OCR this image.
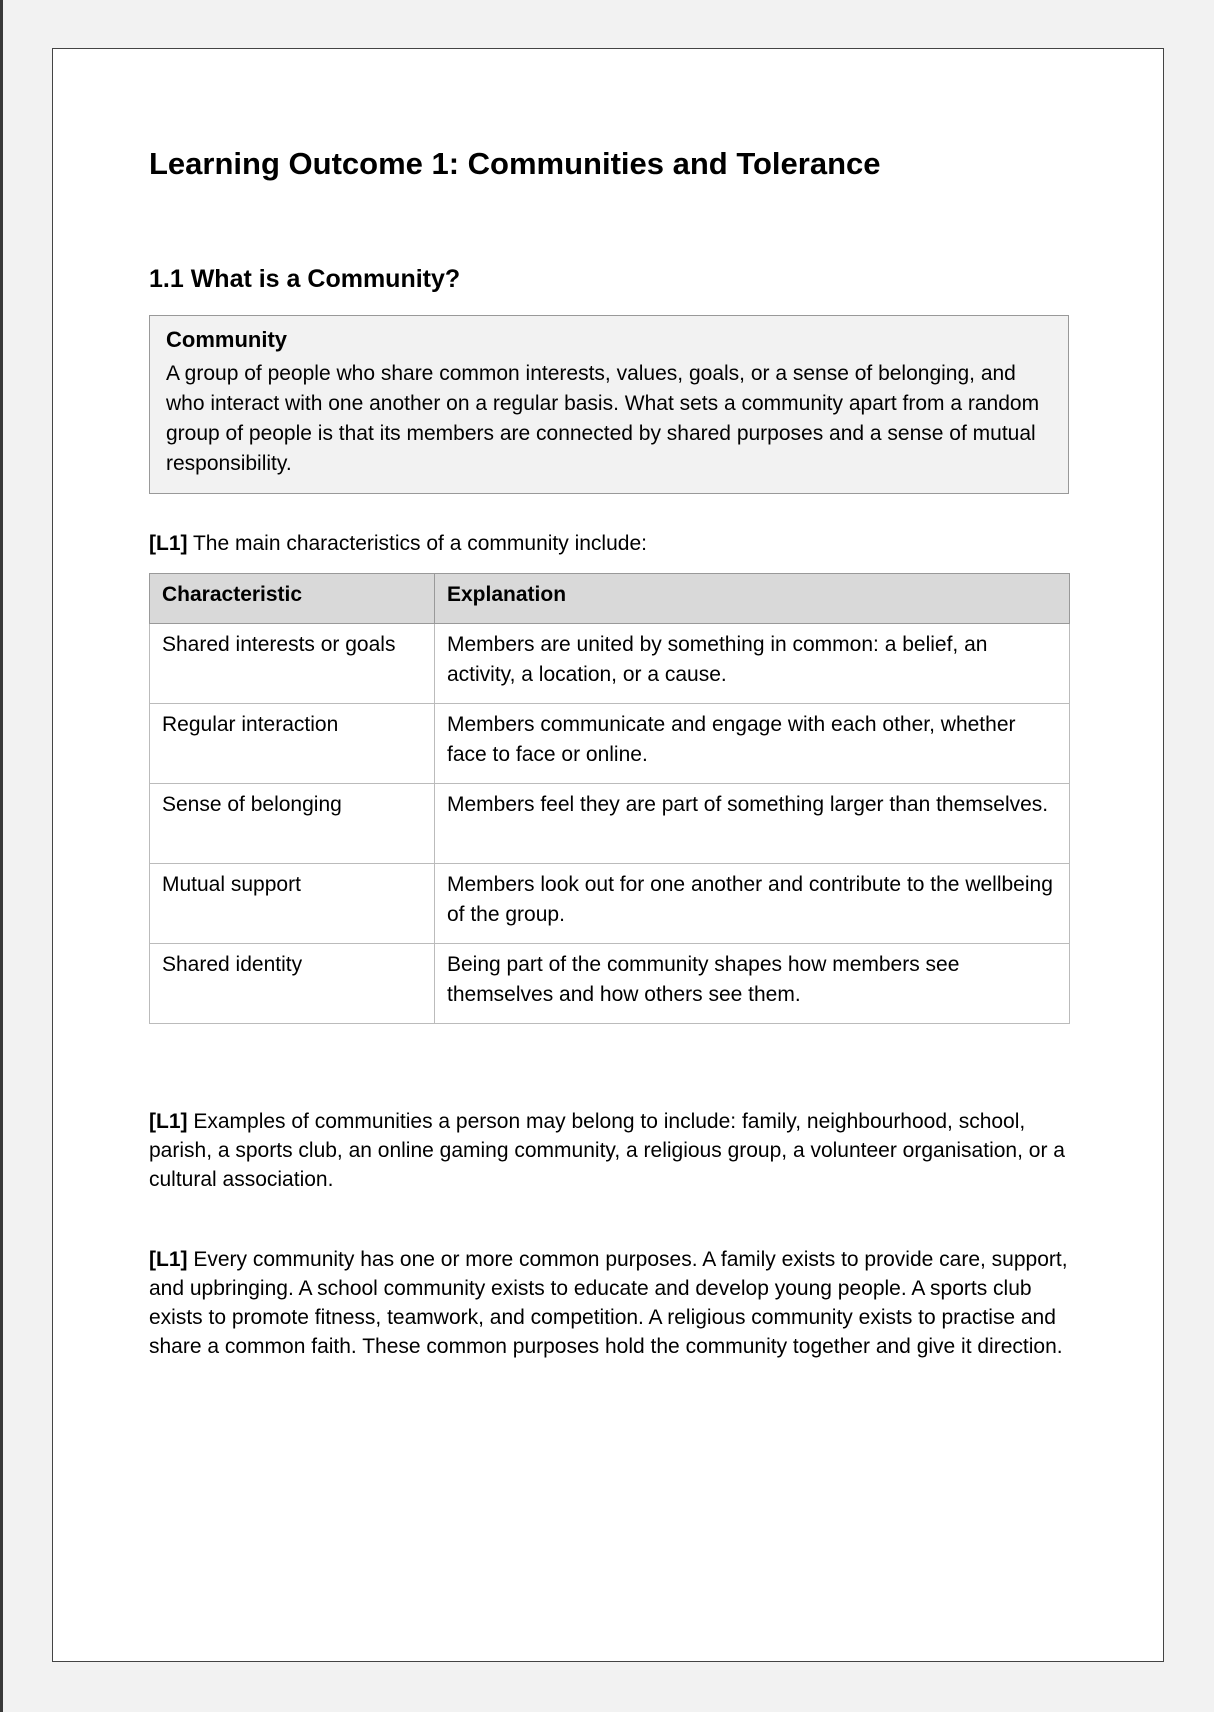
Learning Outcome 1: Communities and Tolerance
1.1 What is a Community?
Community
A group of people who share common interests, values, goals, or a sense of belonging, and who interact with one another on a regular basis. What sets a community apart from a random group of people is that its members are connected by shared purposes and a sense of mutual responsibility.

[L1] The main characteristics of a community include:

Characteristic	Explanation
Shared interests or goals	Members are united by something in common: a belief, an activity, a location, or a cause.
Regular interaction	Members communicate and engage with each other, whether face to face or online.
Sense of belonging	Members feel they are part of something larger than themselves.
Mutual support	Members look out for one another and contribute to the wellbeing of the group.
Shared identity	Being part of the community shapes how members see themselves and how others see them.

[L1] Examples of communities a person may belong to include: family, neighbourhood, school, parish, a sports club, an online gaming community, a religious group, a volunteer organisation, or a cultural association.

[L1] Every community has one or more common purposes. A family exists to provide care, support, and upbringing. A school community exists to educate and develop young people. A sports club exists to promote fitness, teamwork, and competition. A religious community exists to practise and share a common faith. These common purposes hold the community together and give it direction.
